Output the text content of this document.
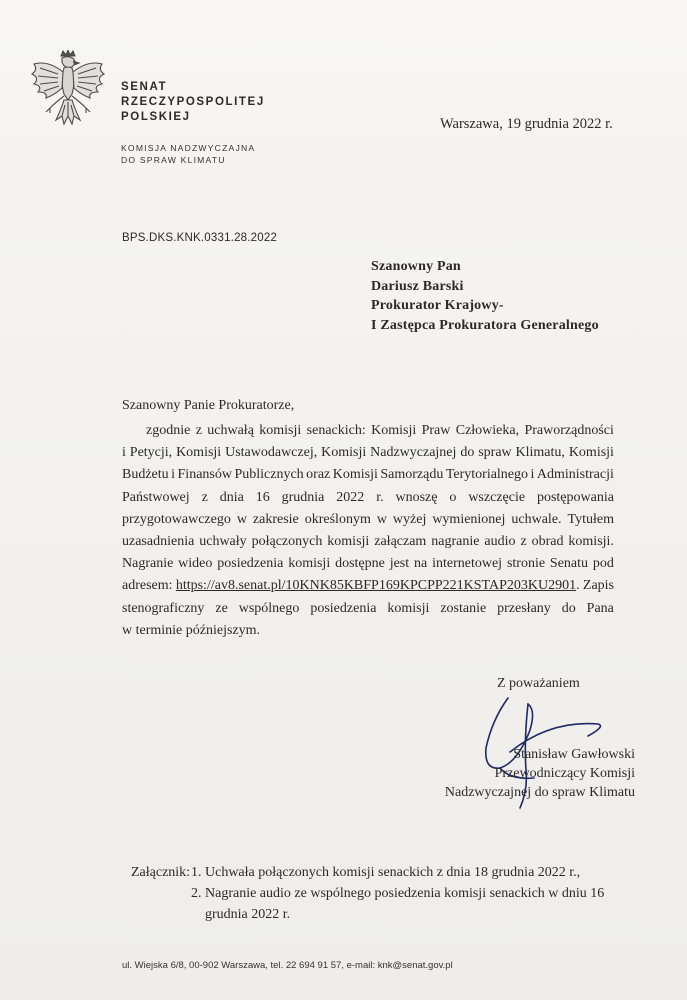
SENAT
RZECZYPOSPOLITEJ
POLSKIEJ
KOMISJA NADZWYCZAJNA
DO SPRAW KLIMATU
Warszawa, 19 grudnia 2022 r.
BPS.DKS.KNK.0331.28.2022
Szanowny Pan
Dariusz Barski
Prokurator Krajowy-
I Zastępca Prokuratora Generalnego
Szanowny Panie Prokuratorze,
zgodnie z uchwałą komisji senackich: Komisji Praw Człowieka, Praworządności
i Petycji, Komisji Ustawodawczej, Komisji Nadzwyczajnej do spraw Klimatu, Komisji
Budżetu i Finansów Publicznych oraz Komisji Samorządu Terytorialnego i Administracji
Państwowej z dnia 16 grudnia 2022 r. wnoszę o wszczęcie postępowania
przygotowawczego w zakresie określonym w wyżej wymienionej uchwale. Tytułem
uzasadnienia uchwały połączonych komisji załączam nagranie audio z obrad komisji.
Nagranie wideo posiedzenia komisji dostępne jest na internetowej stronie Senatu pod
adresem: https://av8.senat.pl/10KNK85KBFP169KPCPP221KSTAP203KU2901. Zapis
stenograficzny ze wspólnego posiedzenia komisji zostanie przesłany do Pana
w terminie późniejszym.
Z poważaniem
Stanisław Gawłowski
Przewodniczący Komisji
Nadzwyczajnej do spraw Klimatu
Załącznik: 1. Uchwała połączonych komisji senackich z dnia 18 grudnia 2022 r.,
2. Nagranie audio ze wspólnego posiedzenia komisji senackich w dniu 16
grudnia 2022 r.
ul. Wiejska 6/8, 00-902 Warszawa, tel. 22 694 91 57, e-mail: knk@senat.gov.pl
